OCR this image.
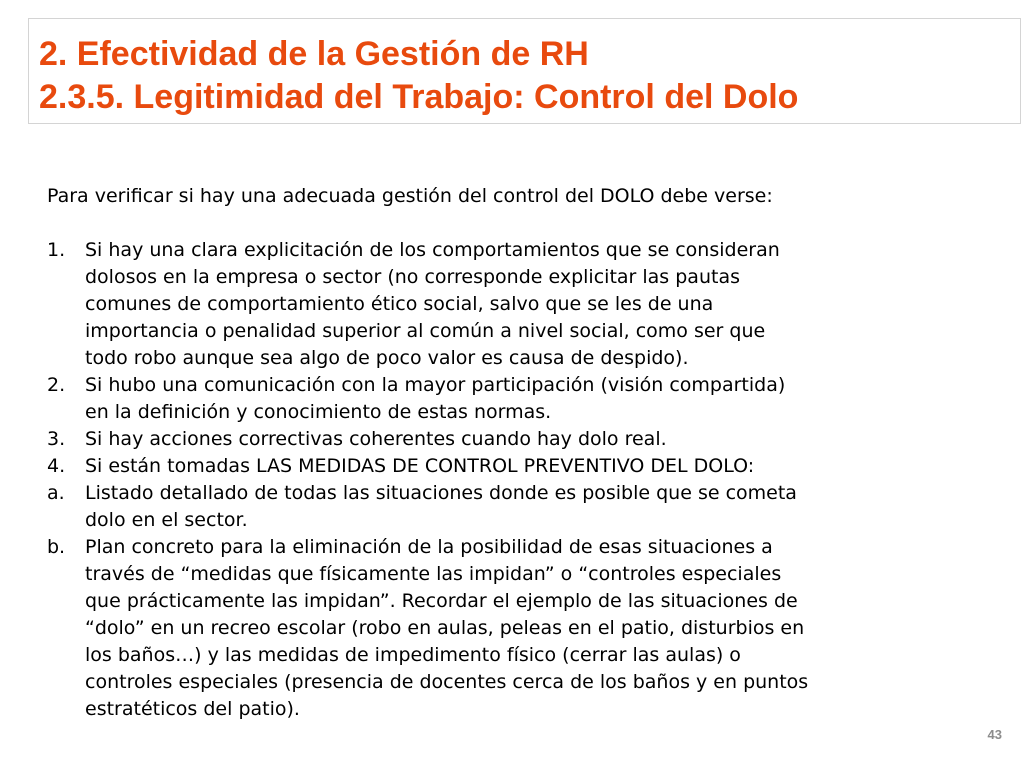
2. Efectividad de la Gestión de RH
2.3.5. Legitimidad del Trabajo: Control del Dolo

Para verificar si hay una adecuada gestión del control del DOLO debe verse:

1.	Si hay una clara explicitación de los comportamientos que se consideran
dolosos en la empresa o sector (no corresponde explicitar las pautas
comunes de comportamiento ético social, salvo que se les de una
importancia o penalidad superior al común a nivel social, como ser que
todo robo aunque sea algo de poco valor es causa de despido).
2.	Si hubo una comunicación con la mayor participación (visión compartida)
en la definición y conocimiento de estas normas.
3.	Si hay acciones correctivas coherentes cuando hay dolo real.
4.	Si están tomadas LAS MEDIDAS DE CONTROL PREVENTIVO DEL DOLO:
a.	Listado detallado de todas las situaciones donde es posible que se cometa
dolo en el sector.
b.	Plan concreto para la eliminación de la posibilidad de esas situaciones a
través de “medidas que físicamente las impidan” o “controles especiales
que prácticamente las impidan”. Recordar el ejemplo de las situaciones de
“dolo” en un recreo escolar (robo en aulas, peleas en el patio, disturbios en
los baños…) y las medidas de impedimento físico (cerrar las aulas) o
controles especiales (presencia de docentes cerca de los baños y en puntos
estratéticos del patio).
43
